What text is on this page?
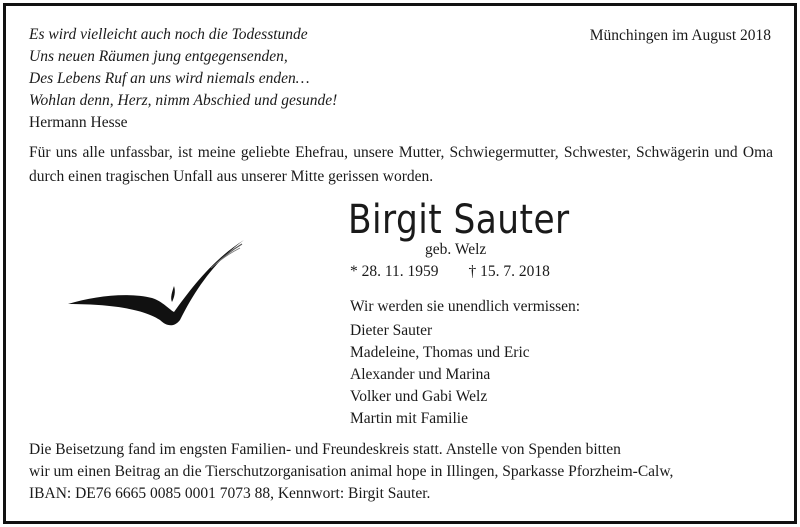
Es wird vielleicht auch noch die Todesstunde
Uns neuen Räumen jung entgegensenden,
Des Lebens Ruf an uns wird niemals enden…
Wohlan denn, Herz, nimm Abschied und gesunde!
Hermann Hesse
Münchingen im August 2018
Für uns alle unfassbar, ist meine geliebte Ehefrau, unsere Mutter, Schwiegermutter, Schwester, Schwägerin und Oma durch einen tragischen Unfall aus unserer Mitte gerissen worden.
Birgit Sauter
geb. Welz
* 28. 11. 1959 † 15. 7. 2018
Wir werden sie unendlich vermissen:
Dieter Sauter
Madeleine, Thomas und Eric
Alexander und Marina
Volker und Gabi Welz
Martin mit Familie
Die Beisetzung fand im engsten Familien- und Freundeskreis statt. Anstelle von Spenden bitten
wir um einen Beitrag an die Tierschutzorganisation animal hope in Illingen, Sparkasse Pforzheim-Calw,
IBAN: DE76 6665 0085 0001 7073 88, Kennwort: Birgit Sauter.
